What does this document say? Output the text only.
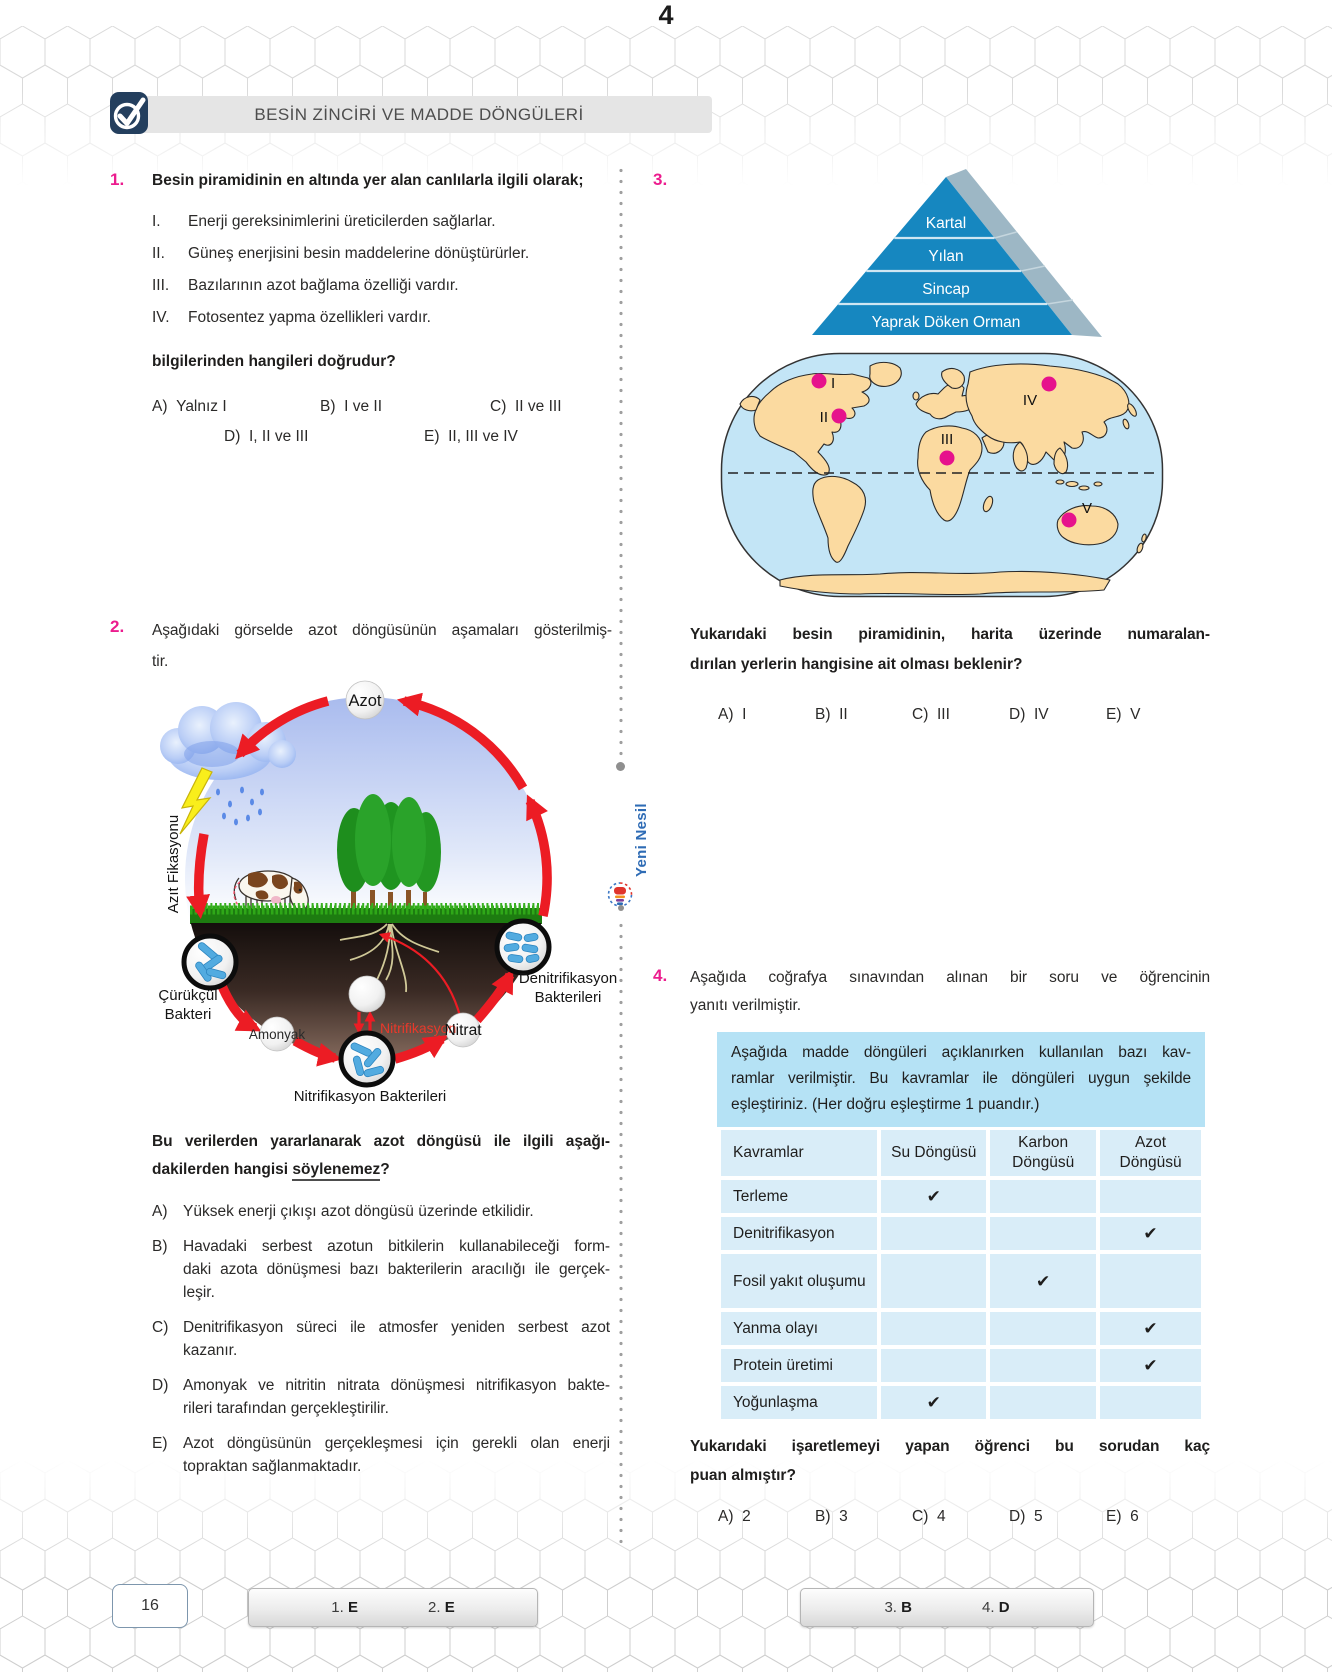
4
BESİN ZİNCİRİ VE MADDE DÖNGÜLERİ
Yeni Nesil
1. Besin piramidinin en altında yer alan canlılarla ilgili olarak;
I.	Enerji gereksinimlerini üreticilerden sağlarlar.
II.	Güneş enerjisini besin maddelerine dönüştürürler.
III.	Bazılarının azot bağlama özelliği vardır.
IV.	Fotosentez yapma özellikleri vardır.
bilgilerinden hangileri doğrudur?
A) Yalnız I	B) I ve II	C) II ve III
D) I, II ve III	E) II, III ve IV
2. Aşağıdaki görselde azot döngüsünün aşamaları gösterilmiş-
tir.
Azot
Azıt Fikasyonu
Çürükçül
Bakteri
Amonyak	Nitrifikasyon
Nitrat
Nitrifikasyon Bakterileri
Denitrifikasyon
Bakterileri
Bu verilerden yararlanarak azot döngüsü ile ilgili aşağı-
dakilerden hangisi söylenemez?
A)	Yüksek enerji çıkışı azot döngüsü üzerinde etkilidir.
B)	Havadaki serbest azotun bitkilerin kullanabileceği form-
daki azota dönüşmesi bazı bakterilerin aracılığı ile gerçek-
leşir.
C) Denitrifikasyon süreci ile atmosfer yeniden serbest azot
kazanır.
D) Amonyak ve nitritin nitrata dönüşmesi nitrifikasyon bakte-
rileri tarafından gerçekleştirilir.
E)	Azot döngüsünün gerçekleşmesi için gerekli olan enerji
topraktan sağlanmaktadır.
3.
Kartal
Yılan
Sincap
Yaprak Döken Orman
I
II
III
IV
V
Yukarıdaki besin piramidinin, harita üzerinde numaralan-
dırılan yerlerin hangisine ait olması beklenir?
A) I	B) II	C) III	D) IV	E) V
4. Aşağıda coğrafya sınavından alınan bir soru ve öğrencinin
yanıtı verilmiştir.
Aşağıda madde döngüleri açıklanırken kullanılan bazı kav-
ramlar verilmiştir. Bu kavramlar ile döngüleri uygun şekilde
eşleştiriniz. (Her doğru eşleştirme 1 puandır.)
Kavramlar	Su Döngüsü	Karbon Döngüsü	Azot Döngüsü
Terleme	✔		
Denitrifikasyon			✔
Fosil yakıt oluşumu		✔	
Yanma olayı			✔
Protein üretimi			✔
Yoğunlaşma	✔		
Yukarıdaki işaretlemeyi yapan öğrenci bu sorudan kaç
puan almıştır?
A) 2	B) 3	C) 4	D) 5	E) 6
16	1. E	2. E	3. B	4. D
